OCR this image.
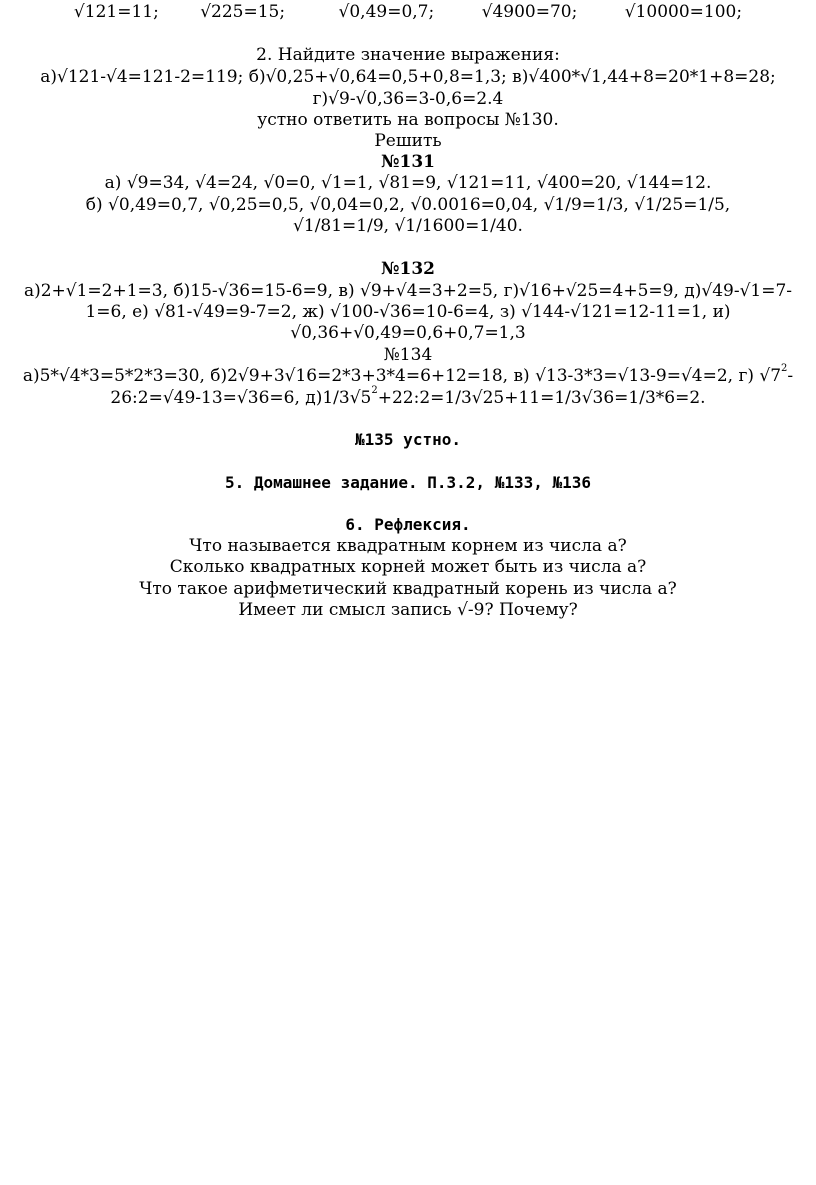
√121=11; √225=15;	√0,49=0,7;	√4900=70;	√10000=100;
2. Найдите значение выражения:
а)√121-√4=121-2=119; б)√0,25+√0,64=0,5+0,8=1,3; в)√400*√1,44+8=20*1+8=28;
г)√9-√0,36=3-0,6=2.4
устно ответить на вопросы №130.
Решить
№131
а) √9=34, √4=24, √0=0, √1=1, √81=9, √121=11, √400=20, √144=12.
б) √0,49=0,7, √0,25=0,5, √0,04=0,2, √0.0016=0,04, √1/9=1/3, √1/25=1/5,
√1/81=1/9, √1/1600=1/40.
№132
а)2+√1=2+1=3, б)15-√36=15-6=9, в) √9+√4=3+2=5, г)√16+√25=4+5=9, д)√49-√1=7-
1=6, е) √81-√49=9-7=2, ж) √100-√36=10-6=4, з) √144-√121=12-11=1, и)
√0,36+√0,49=0,6+0,7=1,3
№134
а)5*√4*3=5*2*3=30, б)2√9+3√16=2*3+3*4=6+12=18, в) √13-3*3=√13-9=√4=2, г) $√7^2-$
26:2=√49-13=√36=6, $д)1/3√5^2+22:2=1/3√25+11=1/3√36=1/3*6=2$.
№135 устно.
5. Домашнее задание. П.3.2, №133, №136
6. Рефлексия.
Что называется квадратным корнем из числа а?
Сколько квадратных корней может быть из числа а?
Что такое арифметический квадратный корень из числа а?
Имеет ли смысл запись √-9? Почему?
